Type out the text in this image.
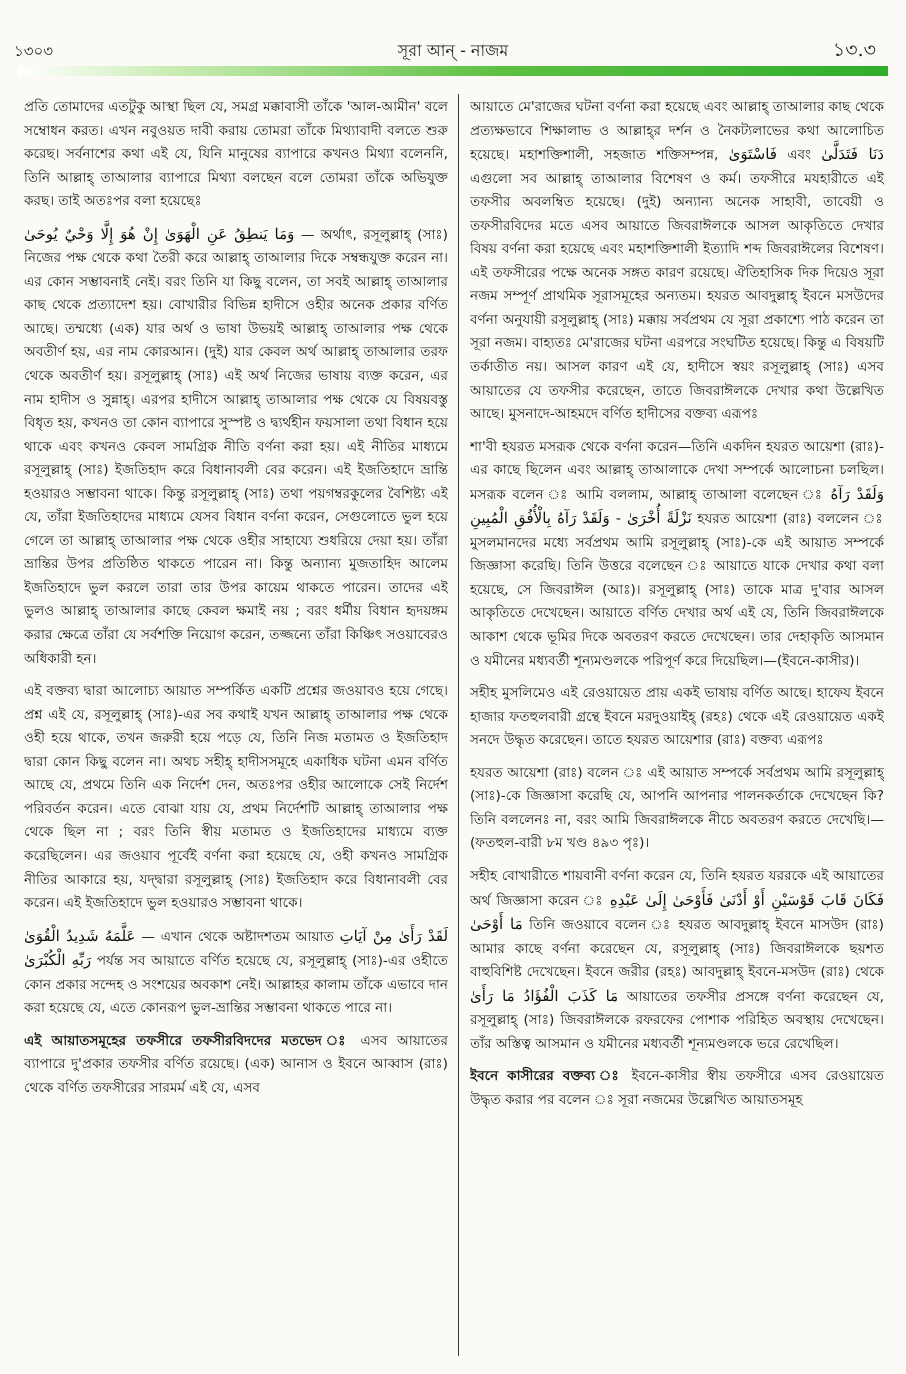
১৩০৩	সূরা আন্‌ - নাজম	১৩.৩

প্রতি তোমাদের এতটুকু আস্থা ছিল যে, সমগ্র মক্কাবাসী তাঁকে 'আল-আমীন' বলে সম্বোধন করত। এখন নবুওয়ত দাবী করায় তোমরা তাঁকে মিথ্যাবাদী বলতে শুরু করেছ। সর্বনাশের কথা এই যে, যিনি মানুষের ব্যাপারে কখনও মিথ্যা বলেননি, তিনি আল্লাহ্‌ তাআলার ব্যাপারে মিথ্যা বলছেন বলে তোমরা তাঁকে অভিযুক্ত করছ। তাই অতঃপর বলা হয়েছেঃ

وَمَا يَنطِقُ عَنِ الْهَوَىٰ إِنْ هُوَ إِلَّا وَحْيٌ يُوحَىٰ — অর্থাৎ, রসূলুল্লাহ্‌ (সাঃ) নিজের পক্ষ থেকে কথা তৈরী করে আল্লাহ্‌ তাআলার দিকে সম্বন্ধযুক্ত করেন না। এর কোন সম্ভাবনাই নেই। বরং তিনি যা কিছু বলেন, তা সবই আল্লাহ্‌ তাআলার কাছ থেকে প্রত্যাদেশ হয়। বোখারীর বিভিন্ন হাদীসে ওহীর অনেক প্রকার বর্ণিত আছে। তম্মধ্যে (এক) যার অর্থ ও ভাষা উভয়ই আল্লাহ্‌ তাআলার পক্ষ থেকে অবতীর্ণ হয়, এর নাম কোরআন। (দুই) যার কেবল অর্থ আল্লাহ্‌ তাআলার তরফ থেকে অবতীর্ণ হয়। রসূলুল্লাহ্‌ (সাঃ) এই অর্থ নিজের ভাষায় ব্যক্ত করেন, এর নাম হাদীস ও সুন্নাহ্‌। এরপর হাদীসে আল্লাহ্‌ তাআলার পক্ষ থেকে যে বিষয়বস্তু বিধৃত হয়, কখনও তা কোন ব্যাপারে সুস্পষ্ট ও দ্ব্যর্থহীন ফয়সালা তথা বিধান হয়ে থাকে এবং কখনও কেবল সামগ্রিক নীতি বর্ণনা করা হয়। এই নীতির মাধ্যমে রসূলুল্লাহ্‌ (সাঃ) ইজতিহাদ করে বিধানাবলী বের করেন। এই ইজতিহাদে ভ্রান্তি হওয়ারও সম্ভাবনা থাকে। কিন্তু রসূলুল্লাহ্‌ (সাঃ) তথা পয়গম্বরকুলের বৈশিষ্ট্য এই যে, তাঁরা ইজতিহাদের মাধ্যমে যেসব বিধান বর্ণনা করেন, সেগুলোতে ভুল হয়ে গেলে তা আল্লাহ্‌ তাআলার পক্ষ থেকে ওহীর সাহায্যে শুধরিয়ে দেয়া হয়। তাঁরা ভ্রান্তির উপর প্রতিষ্ঠিত থাকতে পারেন না। কিন্তু অন্যান্য মুজতাহিদ আলেম ইজতিহাদে ভুল করলে তারা তার উপর কায়েম থাকতে পারেন। তাদের এই ভুলও আল্লাহ্‌ তাআলার কাছে কেবল ক্ষমাই নয় ; বরং ধর্মীয় বিধান হৃদয়ঙ্গম করার ক্ষেত্রে তাঁরা যে সর্বশক্তি নিয়োগ করেন, তজ্জন্যে তাঁরা কিঞ্চিৎ সওয়াবেরও অধিকারী হন।

এই বক্তব্য দ্বারা আলোচ্য আয়াত সম্পর্কিত একটি প্রশ্নের জওয়াবও হয়ে গেছে। প্রশ্ন এই যে, রসূলুল্লাহ্‌ (সাঃ)-এর সব কথাই যখন আল্লাহ্‌ তাআলার পক্ষ থেকে ওহী হয়ে থাকে, তখন জরুরী হয়ে পড়ে যে, তিনি নিজ মতামত ও ইজতিহাদ দ্বারা কোন কিছু বলেন না। অথচ সহীহ্‌ হাদীসসমূহে একাধিক ঘটনা এমন বর্ণিত আছে যে, প্রথমে তিনি এক নির্দেশ দেন, অতঃপর ওহীর আলোকে সেই নির্দেশ পরিবর্তন করেন। এতে বোঝা যায় যে, প্রথম নির্দেশটি আল্লাহ্‌ তাআলার পক্ষ থেকে ছিল না ; বরং তিনি স্বীয় মতামত ও ইজতিহাদের মাধ্যমে ব্যক্ত করেছিলেন। এর জওয়াব পূর্বেই বর্ণনা করা হয়েছে যে, ওহী কখনও সামগ্রিক নীতির আকারে হয়, যদ্দ্বারা রসূলুল্লাহ্‌ (সাঃ) ইজতিহাদ করে বিধানাবলী বের করেন। এই ইজতিহাদে ভুল হওয়ারও সম্ভাবনা থাকে।

عَلَّمَهُ شَدِيدُ الْقُوَىٰ — এখান থেকে অষ্টাদশতম আয়াত لَقَدْ رَأَىٰ مِنْ آيَاتِ رَبِّهِ الْكُبْرَىٰ পর্যন্ত সব আয়াতে বর্ণিত হয়েছে যে, রসূলুল্লাহ্‌ (সাঃ)-এর ওহীতে কোন প্রকার সন্দেহ ও সংশয়ের অবকাশ নেই। আল্লাহর কালাম তাঁকে এভাবে দান করা হয়েছে যে, এতে কোনরূপ ভুল-ভ্রান্তির সম্ভাবনা থাকতে পারে না।

এই আয়াতসমূহের তফসীরে তফসীরবিদদের মতভেদ ঃ এসব আয়াতের ব্যাপারে দু'প্রকার তফসীর বর্ণিত রয়েছে। (এক) আনাস ও ইবনে আব্বাস (রাঃ) থেকে বর্ণিত তফসীরের সারমর্ম এই যে, এসব

আয়াতে মে'রাজের ঘটনা বর্ণনা করা হয়েছে এবং আল্লাহ্‌ তাআলার কাছ থেকে প্রত্যক্ষভাবে শিক্ষালাভ ও আল্লাহ্‌র দর্শন ও নৈকট্যলাভের কথা আলোচিত হয়েছে। মহাশক্তিশালী, সহজাত শক্তিসম্পন্ন, فَاسْتَوَىٰ এবং دَنَا فَتَدَلَّىٰ এগুলো সব আল্লাহ্‌ তাআলার বিশেষণ ও কর্ম। তফসীরে মযহারীতে এই তফসীর অবলম্বিত হয়েছে। (দুই) অন্যান্য অনেক সাহাবী, তাবেয়ী ও তফসীরবিদের মতে এসব আয়াতে জিবরাঈলকে আসল আকৃতিতে দেখার বিষয় বর্ণনা করা হয়েছে এবং মহাশক্তিশালী ইত্যাদি শব্দ জিবরাঈলের বিশেষণ। এই তফসীরের পক্ষে অনেক সঙ্গত কারণ রয়েছে। ঐতিহাসিক দিক দিয়েও সূরা নজম সম্পূর্ণ প্রাথমিক সূরাসমূহের অন্যতম। হযরত আবদুল্লাহ্‌ ইবনে মসউদের বর্ণনা অনুযায়ী রসূলুল্লাহ্‌ (সাঃ) মক্কায় সর্বপ্রথম যে সূরা প্রকাশ্যে পাঠ করেন তা সূরা নজম। বাহ্যতঃ মে'রাজের ঘটনা এরপরে সংঘটিত হয়েছে। কিন্তু এ বিষয়টি তর্কাতীত নয়। আসল কারণ এই যে, হাদীসে স্বয়ং রসূলুল্লাহ্‌ (সাঃ) এসব আয়াতের যে তফসীর করেছেন, তাতে জিবরাঈলকে দেখার কথা উল্লেখিত আছে। মুসনাদে-আহমদে বর্ণিত হাদীসের বক্তব্য এরূপঃ

শা'বী হযরত মসরূক থেকে বর্ণনা করেন—তিনি একদিন হযরত আয়েশা (রাঃ)-এর কাছে ছিলেন এবং আল্লাহ্‌ তাআলাকে দেখা সম্পর্কে আলোচনা চলছিল। মসরূক বলেন ঃ আমি বললাম, আল্লাহ্‌ তাআলা বলেছেন ঃ وَلَقَدْ رَآهُ نَزْلَةً أُخْرَىٰ - وَلَقَدْ رَآهُ بِالْأُفُقِ الْمُبِينِ হযরত আয়েশা (রাঃ) বললেন ঃ মুসলমানদের মধ্যে সর্বপ্রথম আমি রসূলুল্লাহ্‌ (সাঃ)-কে এই আয়াত সম্পর্কে জিজ্ঞাসা করেছি। তিনি উত্তরে বলেছেন ঃ আয়াতে যাকে দেখার কথা বলা হয়েছে, সে জিবরাঈল (আঃ)। রসূলুল্লাহ্‌ (সাঃ) তাকে মাত্র দু'বার আসল আকৃতিতে দেখেছেন। আয়াতে বর্ণিত দেখার অর্থ এই যে, তিনি জিবরাঈলকে আকাশ থেকে ভূমির দিকে অবতরণ করতে দেখেছেন। তার দেহাকৃতি আসমান ও যমীনের মধ্যবর্তী শূন্যমণ্ডলকে পরিপূর্ণ করে দিয়েছিল।—(ইবনে-কাসীর)।

সহীহ মুসলিমেও এই রেওয়ায়েত প্রায় একই ভাষায় বর্ণিত আছে। হাফেয ইবনে হাজার ফতহুলবারী গ্রন্থে ইবনে মরদুওয়াইহ্‌ (রহঃ) থেকে এই রেওয়ায়েত একই সনদে উদ্ধৃত করেছেন। তাতে হযরত আয়েশার (রাঃ) বক্তব্য এরূপঃ

হযরত আয়েশা (রাঃ) বলেন ঃ এই আয়াত সম্পর্কে সর্বপ্রথম আমি রসূলুল্লাহ্‌ (সাঃ)-কে জিজ্ঞাসা করেছি যে, আপনি আপনার পালনকর্তাকে দেখেছেন কি? তিনি বললেনঃ না, বরং আমি জিবরাঈলকে নীচে অবতরণ করতে দেখেছি।—(ফতহুল-বারী ৮ম খণ্ড ৪৯৩ পৃঃ)।

সহীহ বোখারীতে শায়বানী বর্ণনা করেন যে, তিনি হযরত যররকে এই আয়াতের অর্থ জিজ্ঞাসা করেন ঃ	فَكَانَ قَابَ قَوْسَيْنِ أَوْ أَدْنَىٰ فَأَوْحَىٰ إِلَىٰ عَبْدِهِ مَا أَوْحَىٰ তিনি জওয়াবে বলেন ঃ হযরত আবদুল্লাহ্‌ ইবনে মাসউদ (রাঃ) আমার কাছে বর্ণনা করেছেন যে, রসূলুল্লাহ্‌ (সাঃ) জিবরাঈলকে ছয়শত বাহুবিশিষ্ট দেখেছেন। ইবনে জরীর (রহঃ) আবদুল্লাহ্‌ ইবনে-মসউদ (রাঃ) থেকে مَا كَذَبَ الْفُؤَادُ مَا رَأَىٰ আয়াতের তফসীর প্রসঙ্গে বর্ণনা করেছেন যে, রসূলুল্লাহ্‌ (সাঃ) জিবরাঈলকে রফরফের পোশাক পরিহিত অবস্থায় দেখেছেন। তাঁর অস্তিত্ব আসমান ও যমীনের মধ্যবর্তী শূন্যমণ্ডলকে ভরে রেখেছিল।

ইবনে কাসীরের বক্তব্য ঃ ইবনে-কাসীর স্বীয় তফসীরে এসব রেওয়ায়েত উদ্ধৃত করার পর বলেন ঃ সূরা নজমের উল্লেখিত আয়াতসমূহ
